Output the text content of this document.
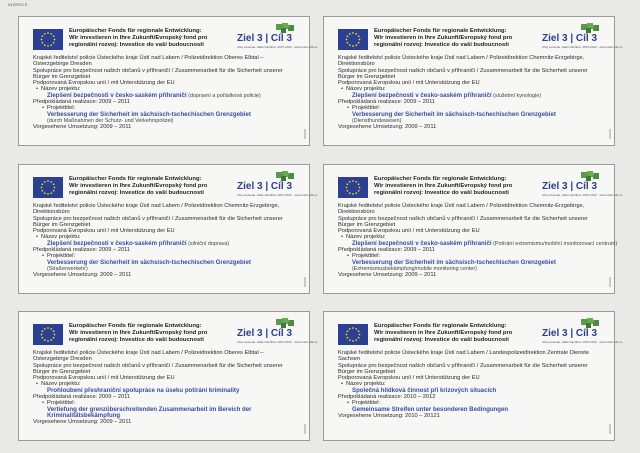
INZERCE
Europäischer Fonds für regionale Entwicklung:
Wir investieren in Ihre Zukunft/Evropský fond pro
regionální rozvoj: Investice do vaší budoucnosti
Ziel 3 | Cíl 3
Ahoj sousede. Hallo Nachbar. 2007-2013 · www.ziel3-cil3.eu
Krajské ředitelství policie Ústeckého kraje Ústí nad Labem / Polizeidirektion Oberes Elbtal – Osterzgebirge Dresden
Spolupráce pro bezpečnost našich občanů v příhraničí / Zusammenarbeit für die Sicherheit unserer Bürger im Grenzgebiet
Podporovaná Evropskou unií / mit Unterstützung der EU
• Název projektu:
Zlepšení bezpečnosti v česko-saském příhraničí (dopravní a pořádková policie)
Předpokládaná realizace: 2009 – 2011
• Projekttitel:
Verbesserung der Sicherheit im sächsisch-tschechischen Grenzgebiet
(durch Maßnahmen der Schutz- und Verkehrspolizei)
Vorgesehene Umsetzung: 2009 – 2011
Europäischer Fonds für regionale Entwicklung:
Wir investieren in Ihre Zukunft/Evropský fond pro
regionální rozvoj: Investice do vaší budoucnosti
Ziel 3 | Cíl 3
Ahoj sousede. Hallo Nachbar. 2007-2013 · www.ziel3-cil3.eu
Krajské ředitelství policie Ústeckého kraje Ústí nad Labem / Polizeidirektion Chemnitz-Erzgebirge, Direktionsbüro
Spolupráce pro bezpečnost našich občanů v příhraničí / Zusammenarbeit für die Sicherheit unserer Bürger im Grenzgebiet
Podporovaná Evropskou unií / mit Unterstützung der EU
• Název projektu:
Zlepšení bezpečnosti v česko-saském příhraničí (služební kynologie)
Předpokládaná realizace: 2009 – 2011
• Projekttitel:
Verbesserung der Sicherheit im sächsisch-tschechischen Grenzgebiet
(Diensthundewesen)
Vorgesehene Umsetzung: 2009 – 2011
Europäischer Fonds für regionale Entwicklung:
Wir investieren in Ihre Zukunft/Evropský fond pro
regionální rozvoj: Investice do vaší budoucnosti
Ziel 3 | Cíl 3
Ahoj sousede. Hallo Nachbar. 2007-2013 · www.ziel3-cil3.eu
Krajské ředitelství policie Ústeckého kraje Ústí nad Labem / Polizeidirektion Chemnitz-Erzgebirge, Direktionsbüro
Spolupráce pro bezpečnost našich občanů v příhraničí / Zusammenarbeit für die Sicherheit unserer Bürger im Grenzgebiet
Podporovaná Evropskou unií / mit Unterstützung der EU
• Název projektu:
Zlepšení bezpečnosti v česko-saském příhraničí (silniční doprava)
Předpokládaná realizace: 2009 – 2011
• Projekttitel:
Verbesserung der Sicherheit im sächsisch-tschechischen Grenzgebiet
(Straßenverkehr)
Vorgesehene Umsetzung: 2009 – 2011
Europäischer Fonds für regionale Entwicklung:
Wir investieren in Ihre Zukunft/Evropský fond pro
regionální rozvoj: Investice do vaší budoucnosti
Ziel 3 | Cíl 3
Ahoj sousede. Hallo Nachbar. 2007-2013 · www.ziel3-cil3.eu
Krajské ředitelství policie Ústeckého kraje Ústí nad Labem / Polizeidirektion Chemnitz-Erzgebirge, Direktionsbüro
Spolupráce pro bezpečnost našich občanů v příhraničí / Zusammenarbeit für die Sicherheit unserer Bürger im Grenzgebiet
Podporovaná Evropskou unií / mit Unterstützung der EU
• Název projektu:
Zlepšení bezpečnosti v česko-saském příhraničí (Potírání extremismu/mobilní monitorovací centrum)
Předpokládaná realizace: 2009 – 2011
• Projekttitel:
Verbesserung der Sicherheit im sächsisch-tschechischen Grenzgebiet
(Extremismusbekämpfung/mobile monitoring center)
Vorgesehene Umsetzung: 2009 – 2011
Europäischer Fonds für regionale Entwicklung:
Wir investieren in Ihre Zukunft/Evropský fond pro
regionální rozvoj: Investice do vaší budoucnosti
Ziel 3 | Cíl 3
Ahoj sousede. Hallo Nachbar. 2007-2013 · www.ziel3-cil3.eu
Krajské ředitelství policie Ústeckého kraje Ústí nad Labem / Polizeidirektion Oberes Elbtal – Osterzgebirge Dresden
Spolupráce pro bezpečnost našich občanů v příhraničí / Zusammenarbeit für die Sicherheit unserer Bürger im Grenzgebiet
Podporovaná Evropskou unií / mit Unterstützung der EU
• Název projektu:
Prohloubení přeshraniční spolupráce na úseku potírání kriminality
Předpokládaná realizace: 2009 – 2011
• Projekttitel:
Vertiefung der grenzüberschreitenden Zusammenarbeit im Bereich der Kriminalitätsbekämpfung
Vorgesehene Umsetzung: 2009 – 2011
Europäischer Fonds für regionale Entwicklung:
Wir investieren in Ihre Zukunft/Evropský fond pro
regionální rozvoj: Investice do vaší budoucnosti
Ziel 3 | Cíl 3
Ahoj sousede. Hallo Nachbar. 2007-2013 · www.ziel3-cil3.eu
Krajské ředitelství policie Ústeckého kraje Ústí nad Labem / Landespolizeidirektion Zentrale Dienste Sachsen
Spolupráce pro bezpečnost našich občanů v příhraničí / Zusammenarbeit für die Sicherheit unserer Bürger im Grenzgebiet
Podporovaná Evropskou unií / mit Unterstützung der EU
• Název projektu:
Společná hlídková činnost při krizových situacích
Předpokládaná realizace: 2010 – 2012
• Projekttitel:
Gemeinsame Streifen unter besonderen Bedingungen
Vorgesehene Umsetzung: 2010 – 20121
